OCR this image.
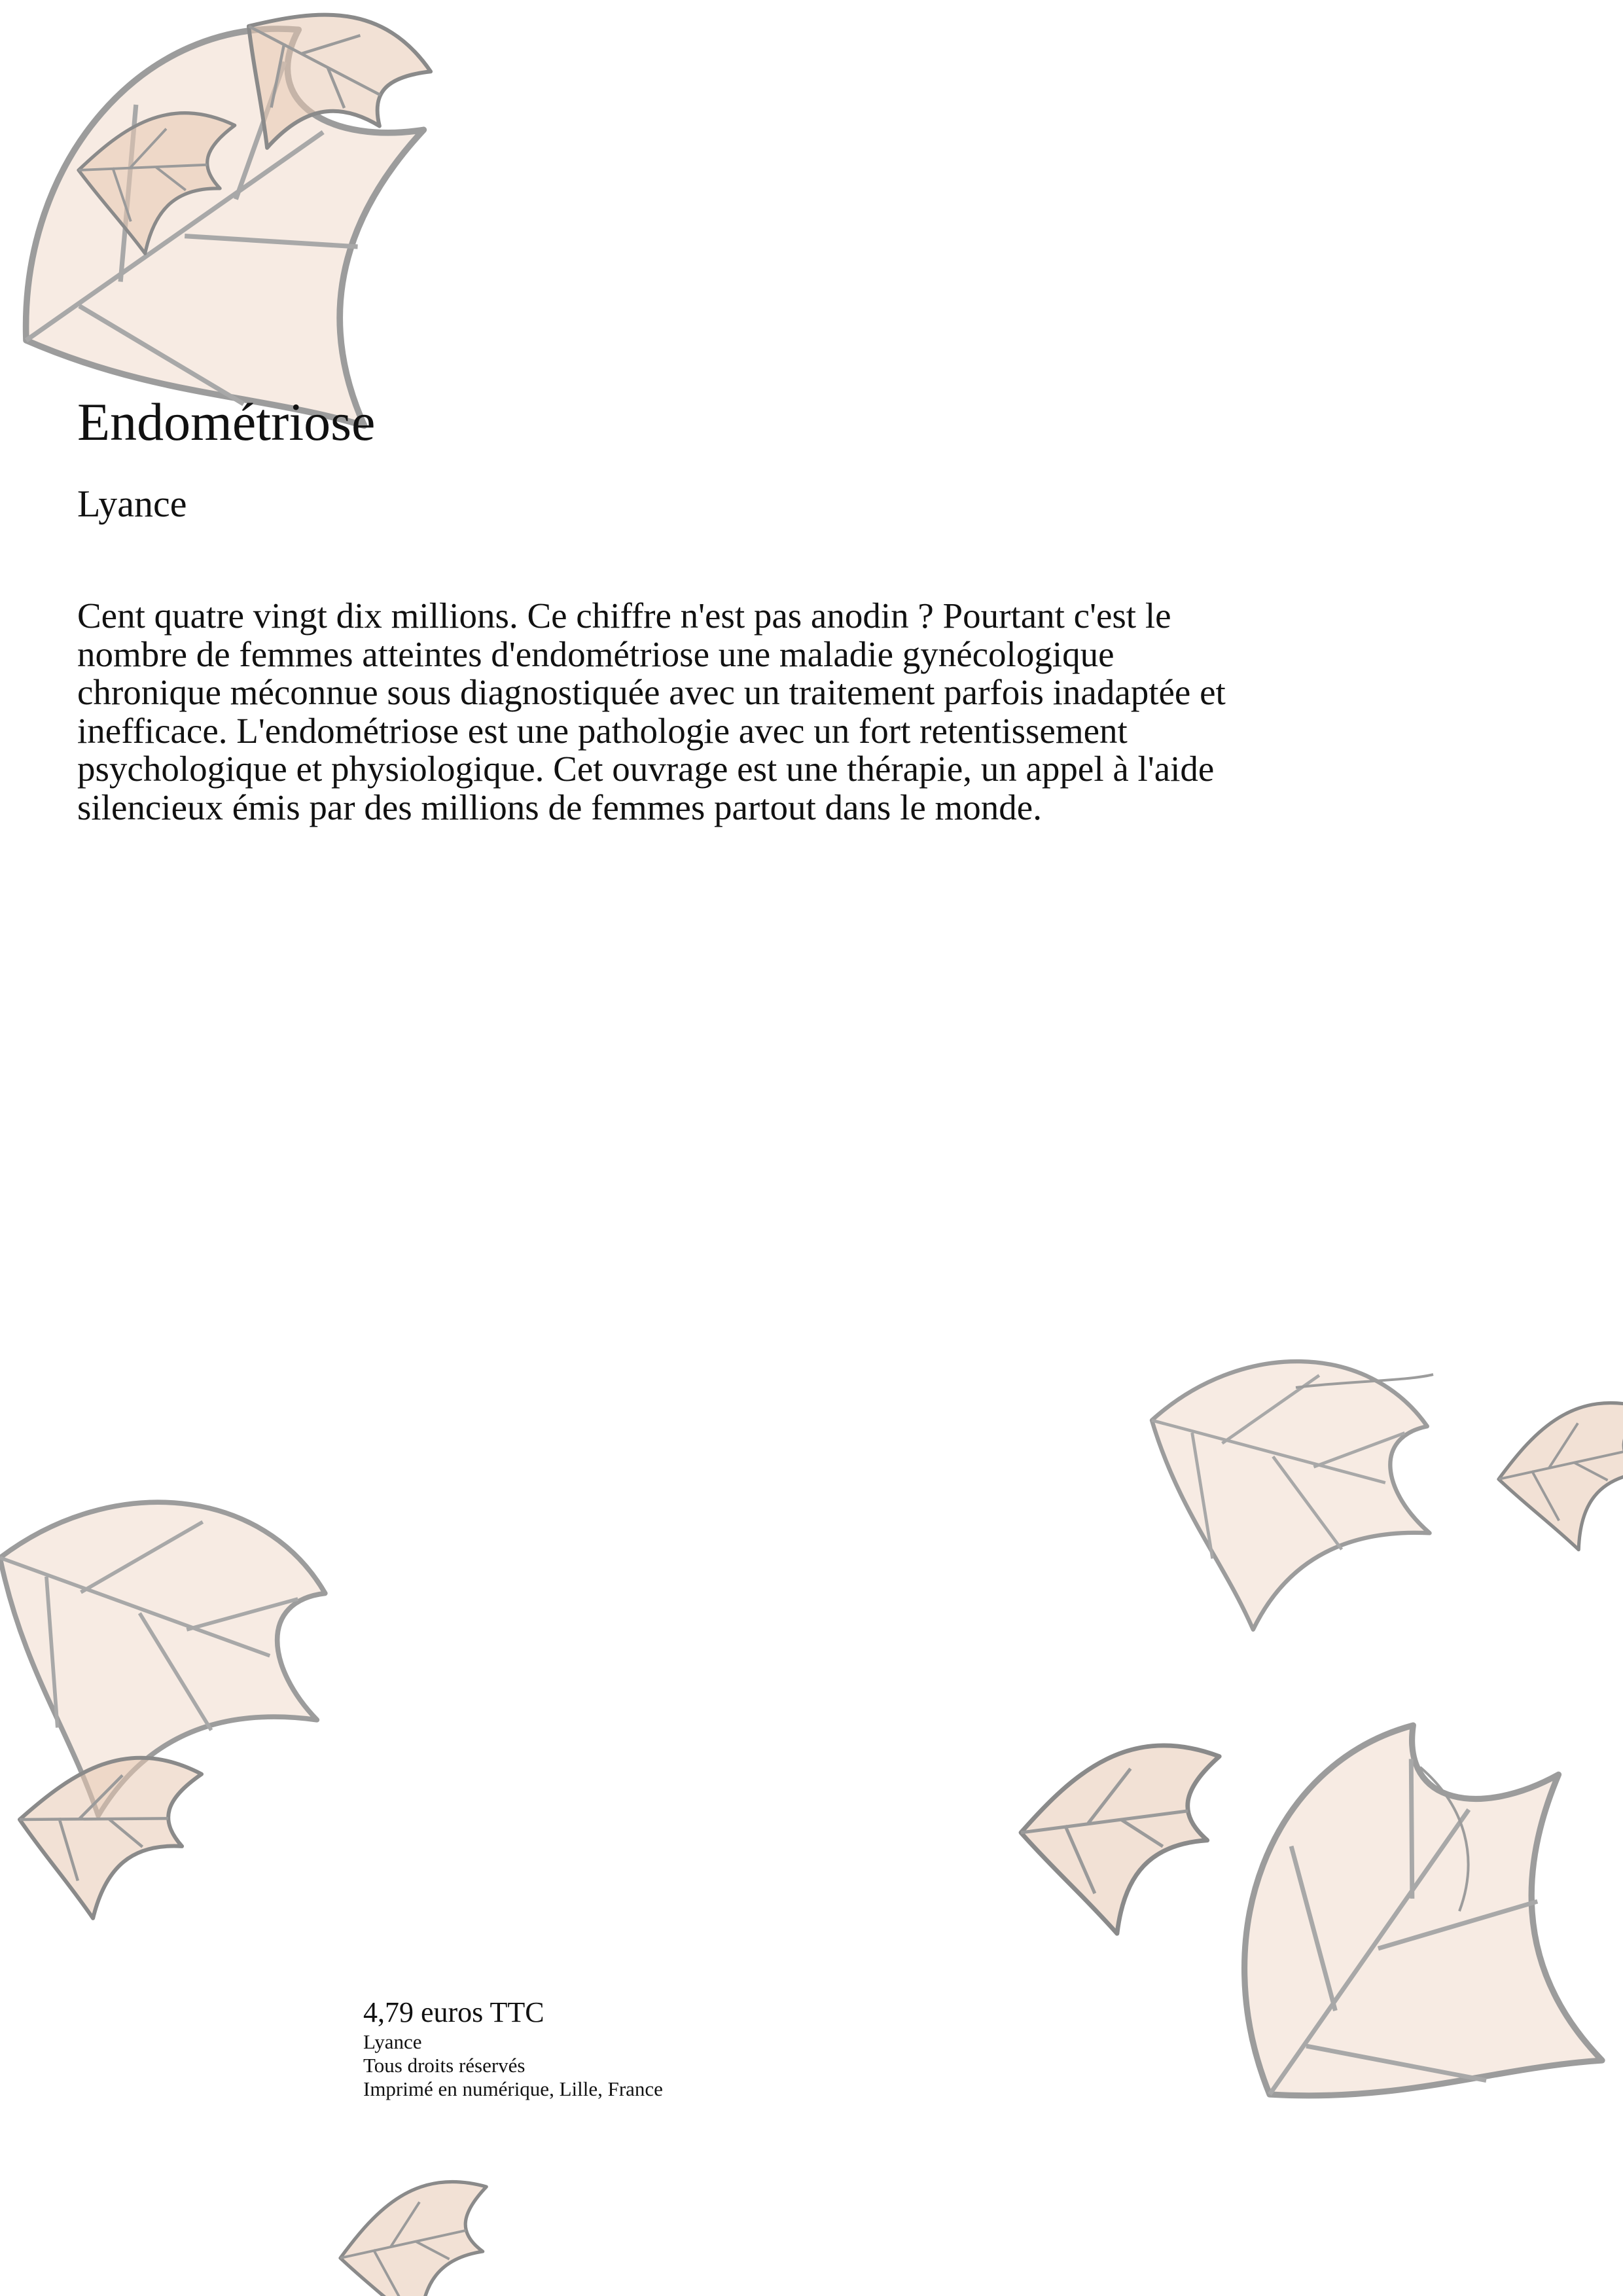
Endométriose

Lyance

Cent quatre vingt dix millions. Ce chiffre n'est pas anodin ? Pourtant c'est le nombre de femmes atteintes d'endométriose une maladie gynécologique chronique méconnue sous diagnostiquée avec un traitement parfois inadaptée et inefficace. L'endométriose est une pathologie avec un fort retentissement psychologique et physiologique. Cet ouvrage est une thérapie, un appel à l'aide silencieux émis par des millions de femmes partout dans le monde.

4,79 euros TTC
Lyance
Tous droits réservés
Imprimé en numérique, Lille, France
